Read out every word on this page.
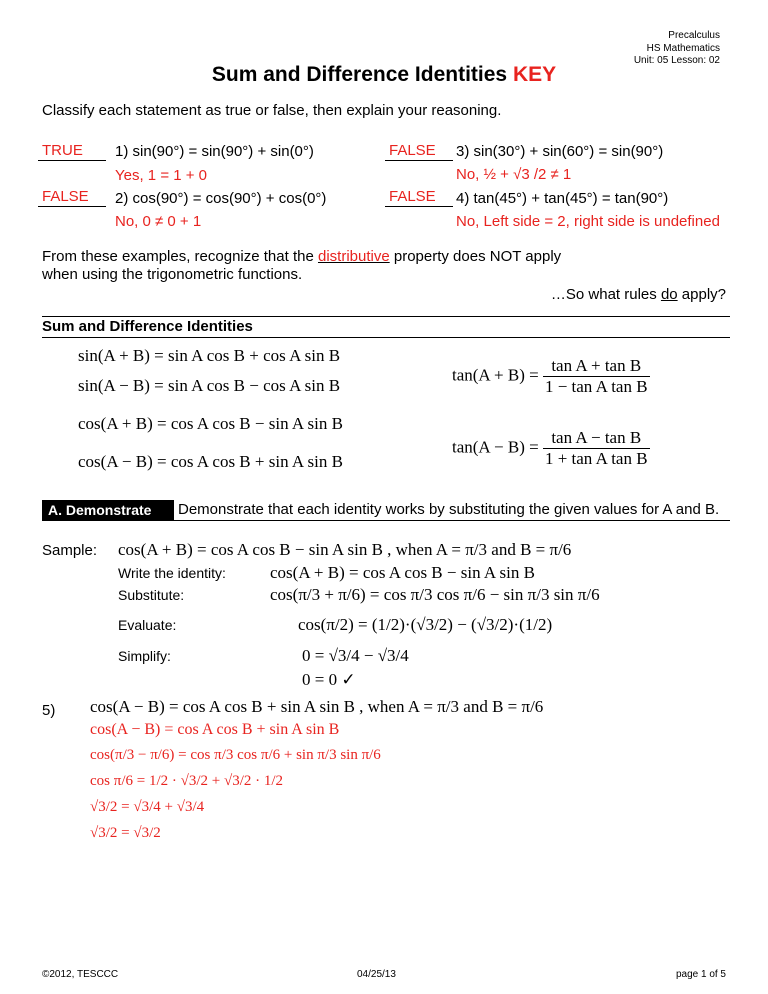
Precalculus
HS Mathematics
Unit: 05 Lesson: 02
Sum and Difference Identities KEY
Classify each statement as true or false, then explain your reasoning.
TRUE 1) sin(90°) = sin(90°) + sin(0°)
Yes, 1 = 1 + 0
FALSE 2) cos(90°) = cos(90°) + cos(0°)
No, 0 ≠ 0 + 1
FALSE 3) sin(30°) + sin(60°) = sin(90°)
No, ½ + √3 /2 ≠ 1
FALSE 4) tan(45°) + tan(45°) = tan(90°)
No, Left side = 2, right side is undefined
From these examples, recognize that the distributive property does NOT apply
when using the trigonometric functions.
…So what rules do apply?
Sum and Difference Identities
sin(A + B) = sin A cos B + cos A sin B
sin(A − B) = sin A cos B − cos A sin B
cos(A + B) = cos A cos B − sin A sin B
cos(A − B) = cos A cos B + sin A sin B
$\tan(A + B) = \frac{\text{tan A + tan B}}{\text{1 − tan A tan B}}$
$\tan(A - B) = \frac{\text{tan A − tan B}}{\text{1 + tan A tan B}}$
A. Demonstrate	Demonstrate that each identity works by substituting the given values for A and B.
Sample: cos(A + B) = cos A cos B − sin A sin B , when A = π/3 and B = π/6
Write the identity:	cos(A + B) = cos A cos B − sin A sin B
Substitute:	cos(π/3 + π/6) = cos π/3 cos π/6 − sin π/3 sin π/6
Evaluate:	cos(π/2) = (1/2)·(√3/2) − (√3/2)·(1/2)
Simplify:	0 = √3/4 − √3/4
0 = 0 ✓
5) cos(A − B) = cos A cos B + sin A sin B , when A = π/3 and B = π/6
cos(A − B) = cos A cos B + sin A sin B
cos(π/3 − π/6) = cos π/3 cos π/6 + sin π/3 sin π/6
cos π/6 = 1/2 · √3/2 + √3/2 · 1/2
√3/2 = √3/4 + √3/4
√3/2 = √3/2
©2012, TESCCC	04/25/13	page 1 of 5
